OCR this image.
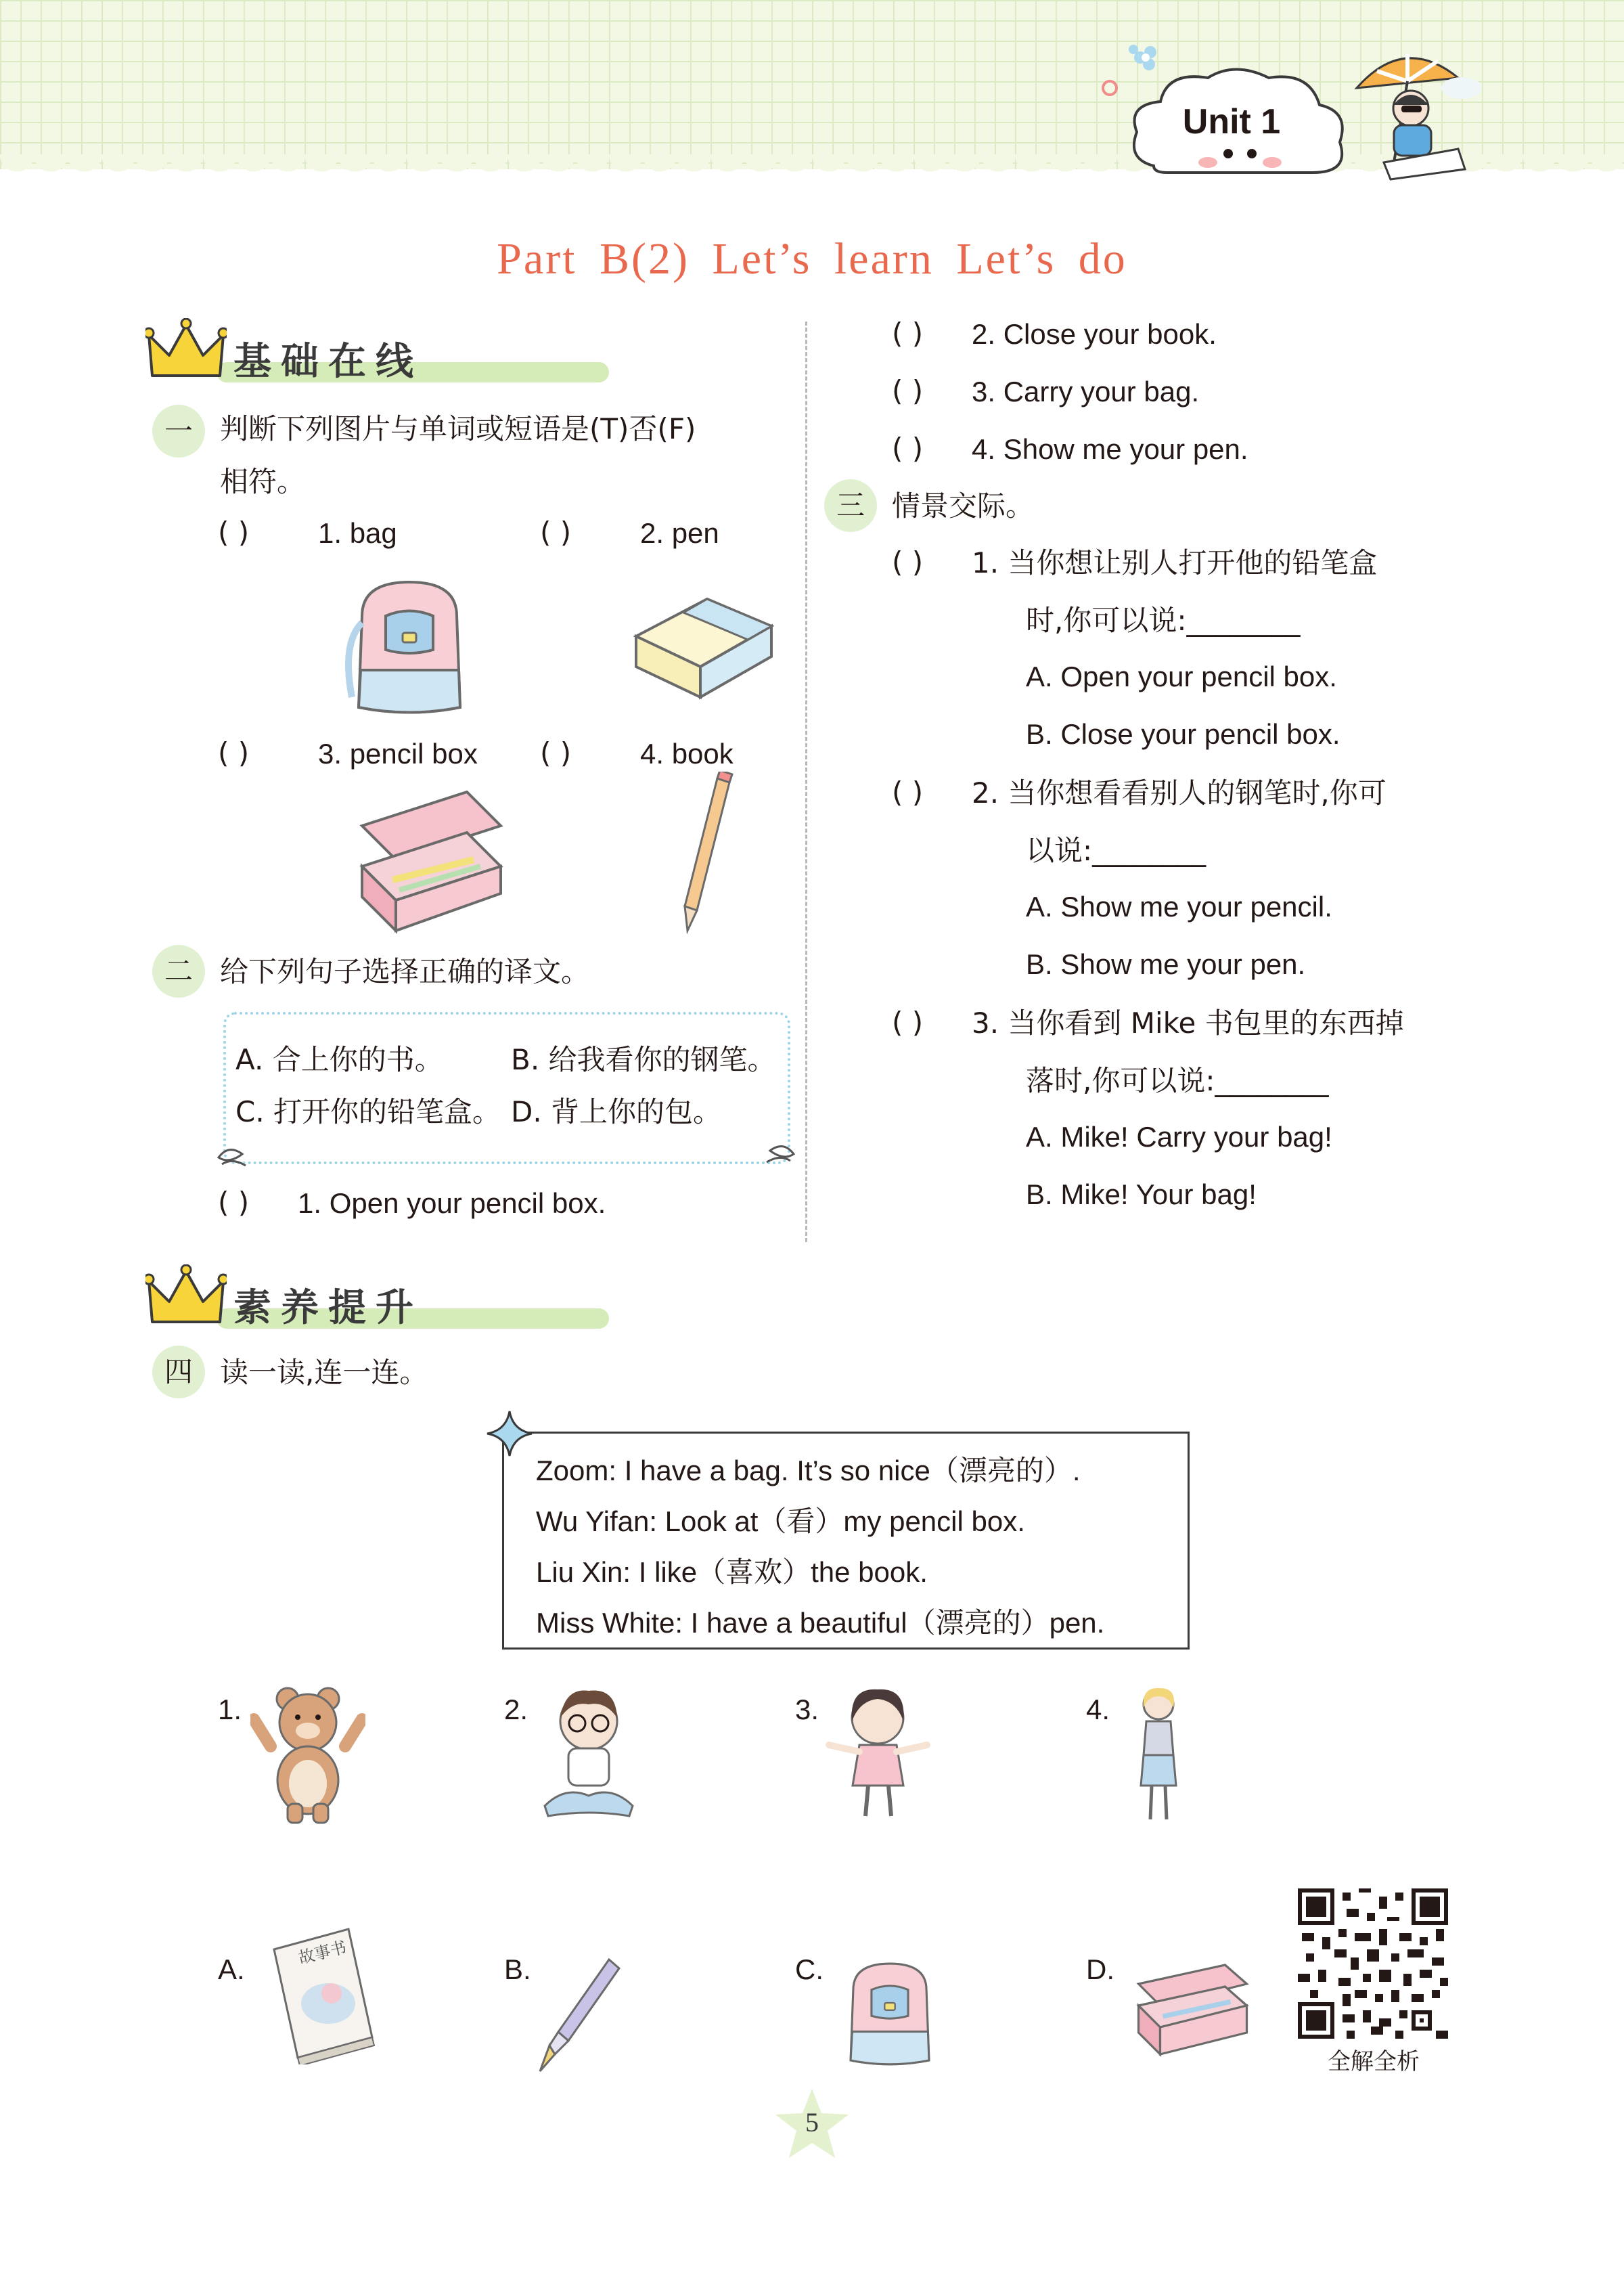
Unit 1
Part B(2) Let’s learn Let’s do
基础在线
一 判断下列图片与单词或短语是(T)否(F)
相符。
( ) 1. bag	( ) 2. pen
( ) 3. pencil box ( ) 4. book
二 给下列句子选择正确的译文。
A. 合上你的书。 B. 给我看你的钢笔。
C. 打开你的铅笔盒。 D. 背上你的包。
( ) 1. Open your pencil box.
( ) 2. Close your book.
( ) 3. Carry your bag.
( ) 4. Show me your pen.
三 情景交际。
( ) 1. 当你想让别人打开他的铅笔盒
时,你可以说:________
A. Open your pencil box.
B. Close your pencil box.
( ) 2. 当你想看看别人的钢笔时,你可
以说:________
A. Show me your pencil.
B. Show me your pen.
( ) 3. 当你看到 Mike 书包里的东西掉
落时,你可以说:________
A. Mike! Carry your bag!
B. Mike! Your bag!
素养提升
四 读一读,连一连。
Zoom: I have a bag. It’s so nice（漂亮的）.
Wu Yifan: Look at（看）my pencil box.
Liu Xin: I like（喜欢）the book.
Miss White: I have a beautiful（漂亮的）pen.
1.	2.	3.	4.
A.
故事书
B.	C.	D.
全解全析
5
